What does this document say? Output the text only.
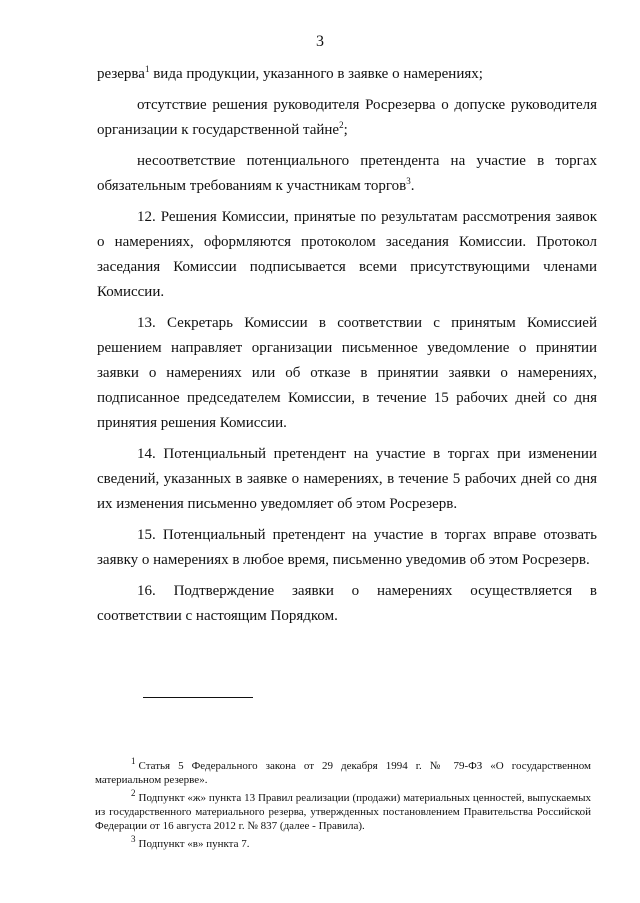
3

резерва$^1$ вида продукции, указанного в заявке о намерениях;

отсутствие решения руководителя Росрезерва о допуске руководителя организации к государственной тайне$^2$;

несоответствие потенциального претендента на участие в торгах обязательным требованиям к участникам торгов$^3$.

12. Решения Комиссии, принятые по результатам рассмотрения заявок о намерениях, оформляются протоколом заседания Комиссии. Протокол заседания Комиссии подписывается всеми присутствующими членами Комиссии.

13. Секретарь Комиссии в соответствии с принятым Комиссией решением направляет организации письменное уведомление о принятии заявки о намерениях или об отказе в принятии заявки о намерениях, подписанное председателем Комиссии, в течение 15 рабочих дней со дня принятия решения Комиссии.

14. Потенциальный претендент на участие в торгах при изменении сведений, указанных в заявке о намерениях, в течение 5 рабочих дней со дня их изменения письменно уведомляет об этом Росрезерв.

15. Потенциальный претендент на участие в торгах вправе отозвать заявку о намерениях в любое время, письменно уведомив об этом Росрезерв.

16. Подтверждение заявки о намерениях осуществляется в соответствии с настоящим Порядком.

$^1$ Статья 5 Федерального закона от 29 декабря 1994 г. № 79-ФЗ «О государственном материальном резерве».

$^2$ Подпункт «ж» пункта 13 Правил реализации (продажи) материальных ценностей, выпускаемых из государственного материального резерва, утвержденных постановлением Правительства Российской Федерации от 16 августа 2012 г. № 837 (далее - Правила).

$^3$ Подпункт «в» пункта 7.
